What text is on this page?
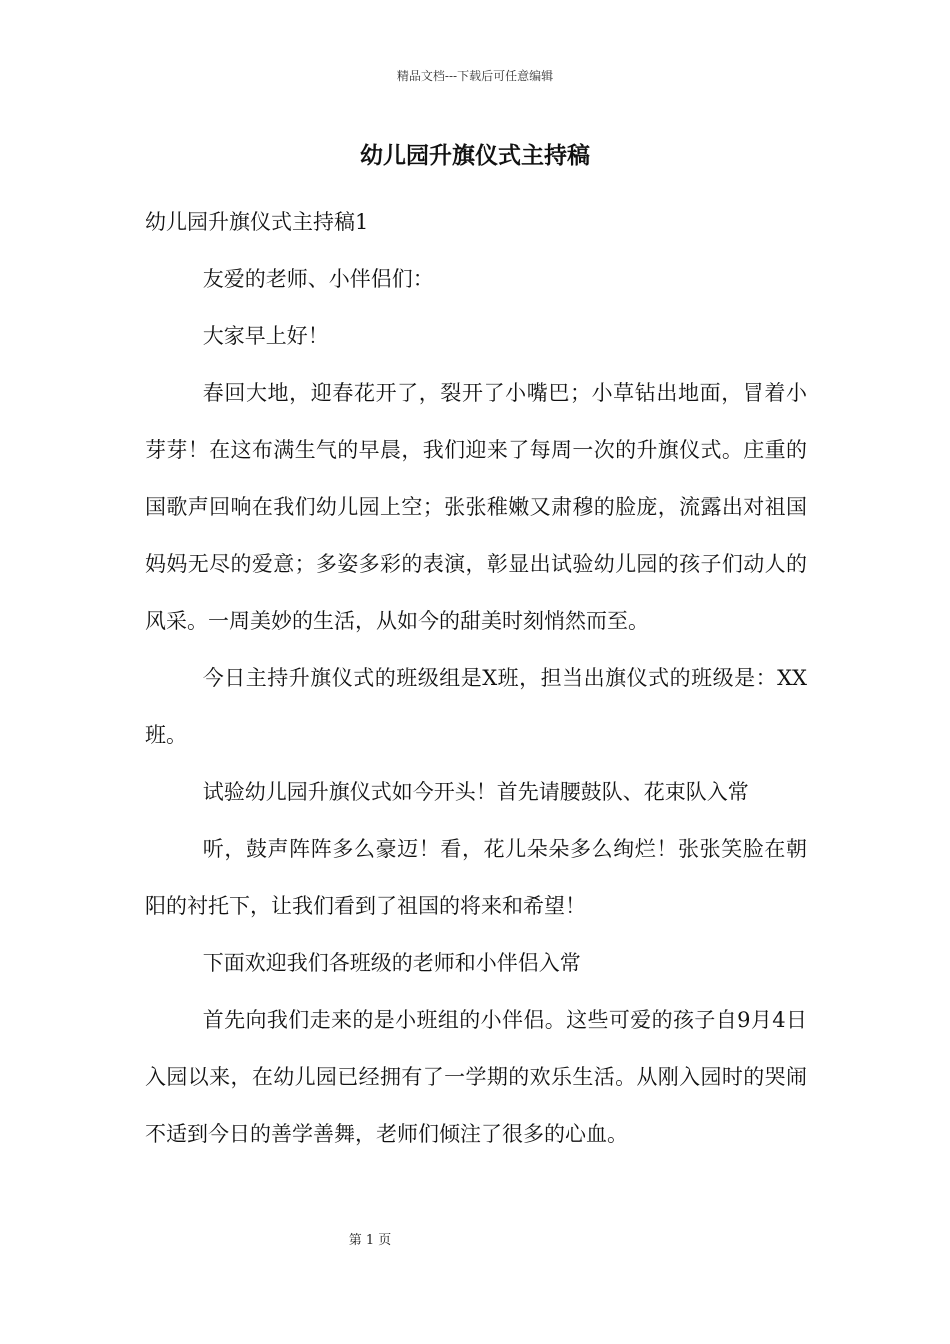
精品文档---下载后可任意编辑
幼儿园升旗仪式主持稿

幼儿园升旗仪式主持稿1

友爱的老师、小伴侣们：

大家早上好！

春回大地，迎春花开了，裂开了小嘴巴；小草钻出地面，冒着小芽芽！在这布满生气的早晨，我们迎来了每周一次的升旗仪式。庄重的国歌声回响在我们幼儿园上空；张张稚嫩又肃穆的脸庞，流露出对祖国妈妈无尽的爱意；多姿多彩的表演，彰显出试验幼儿园的孩子们动人的风采。一周美妙的生活，从如今的甜美时刻悄然而至。

今日主持升旗仪式的班级组是X班，担当出旗仪式的班级是：XX班。

试验幼儿园升旗仪式如今开头！首先请腰鼓队、花束队入常

听，鼓声阵阵多么豪迈！看，花儿朵朵多么绚烂！张张笑脸在朝阳的衬托下，让我们看到了祖国的将来和希望！

下面欢迎我们各班级的老师和小伴侣入常

首先向我们走来的是小班组的小伴侣。这些可爱的孩子自9月4日入园以来，在幼儿园已经拥有了一学期的欢乐生活。从刚入园时的哭闹不适到今日的善学善舞，老师们倾注了很多的心血。

第 1 页
